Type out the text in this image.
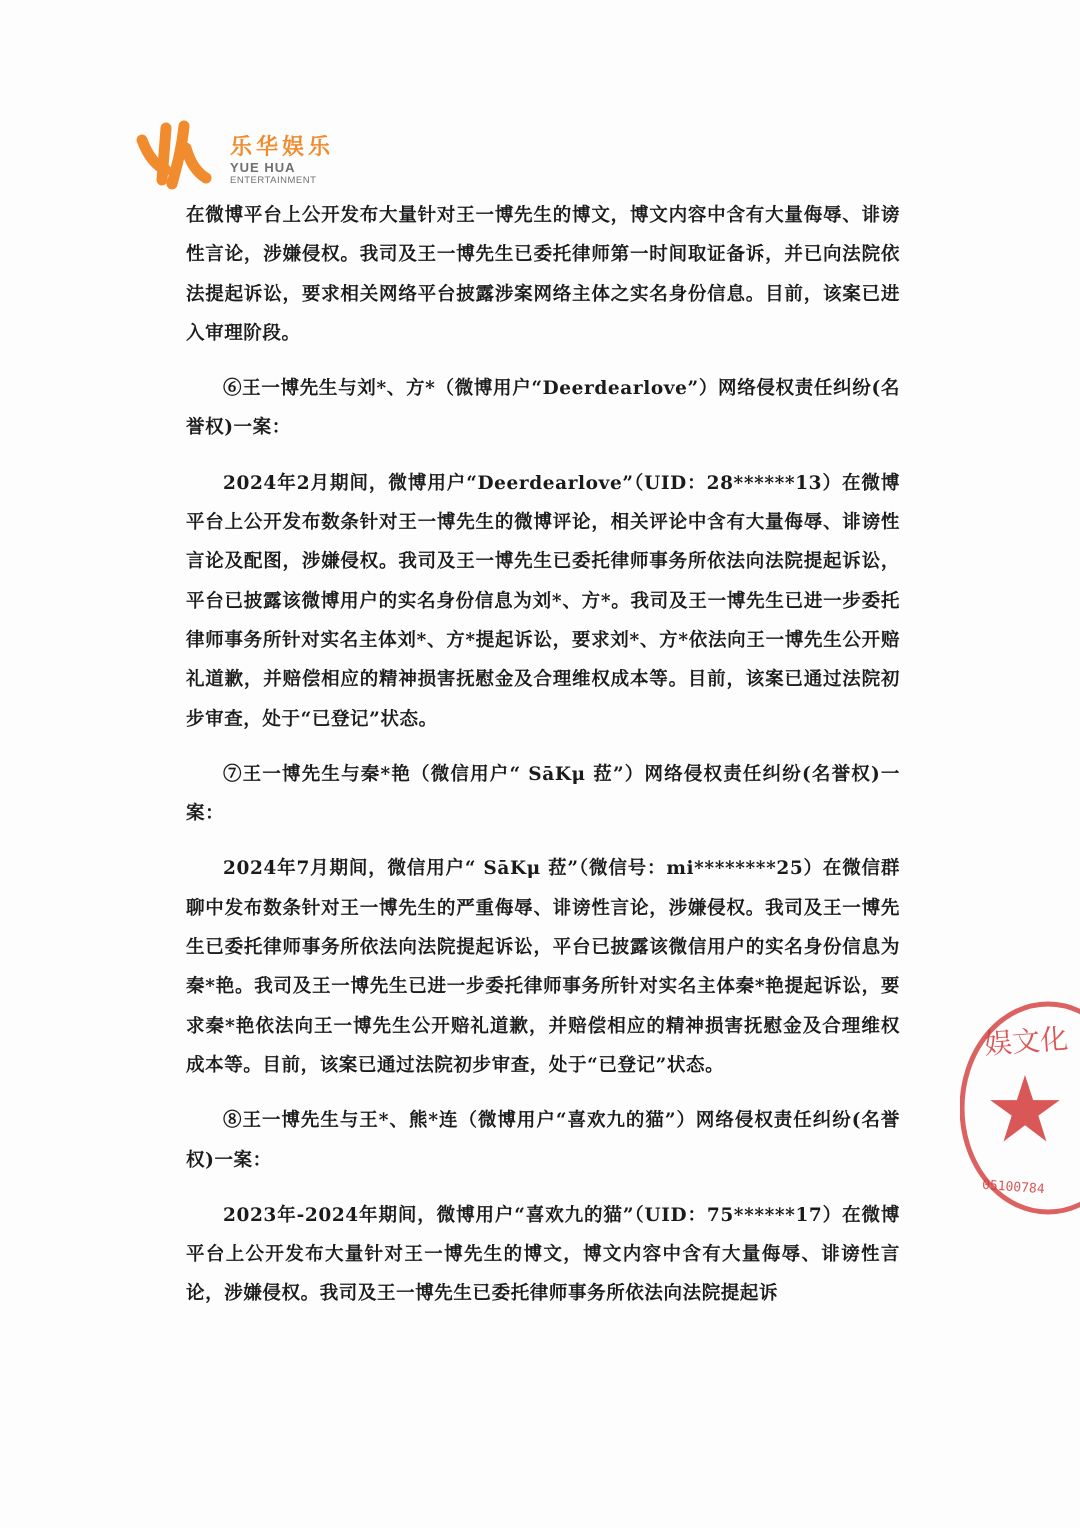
乐华娱乐
YUE HUA
ENTERTAINMENT

在微博平台上公开发布大量针对王一博先生的博文，博文内容中含有大量侮辱、诽谤性言论，涉嫌侵权。我司及王一博先生已委托律师第一时间取证备诉，并已向法院依法提起诉讼，要求相关网络平台披露涉案网络主体之实名身份信息。目前，该案已进入审理阶段。

⑥王一博先生与刘*、方*（微博用户“Deerdearlove”）网络侵权责任纠纷(名誉权)一案：

2024年2月期间，微博用户“Deerdearlove”（UID：28******13）在微博平台上公开发布数条针对王一博先生的微博评论，相关评论中含有大量侮辱、诽谤性言论及配图，涉嫌侵权。我司及王一博先生已委托律师事务所依法向法院提起诉讼，平台已披露该微博用户的实名身份信息为刘*、方*。我司及王一博先生已进一步委托律师事务所针对实名主体刘*、方*提起诉讼，要求刘*、方*依法向王一博先生公开赔礼道歉，并赔偿相应的精神损害抚慰金及合理维权成本等。目前，该案已通过法院初步审查，处于“已登记”状态。

⑦王一博先生与秦*艳（微信用户“ SāKμ 菈”）网络侵权责任纠纷(名誉权)一案：

2024年7月期间，微信用户“ SāKμ 菈”（微信号：mi********25）在微信群聊中发布数条针对王一博先生的严重侮辱、诽谤性言论，涉嫌侵权。我司及王一博先生已委托律师事务所依法向法院提起诉讼，平台已披露该微信用户的实名身份信息为秦*艳。我司及王一博先生已进一步委托律师事务所针对实名主体秦*艳提起诉讼，要求秦*艳依法向王一博先生公开赔礼道歉，并赔偿相应的精神损害抚慰金及合理维权成本等。目前，该案已通过法院初步审查，处于“已登记”状态。

⑧王一博先生与王*、熊*连（微博用户“喜欢九的猫”）网络侵权责任纠纷(名誉权)一案：

2023年-2024年期间，微博用户“喜欢九的猫”（UID：75******17）在微博平台上公开发布大量针对王一博先生的博文，博文内容中含有大量侮辱、诽谤性言论，涉嫌侵权。我司及王一博先生已委托律师事务所依法向法院提起诉

娱文化
05100784
